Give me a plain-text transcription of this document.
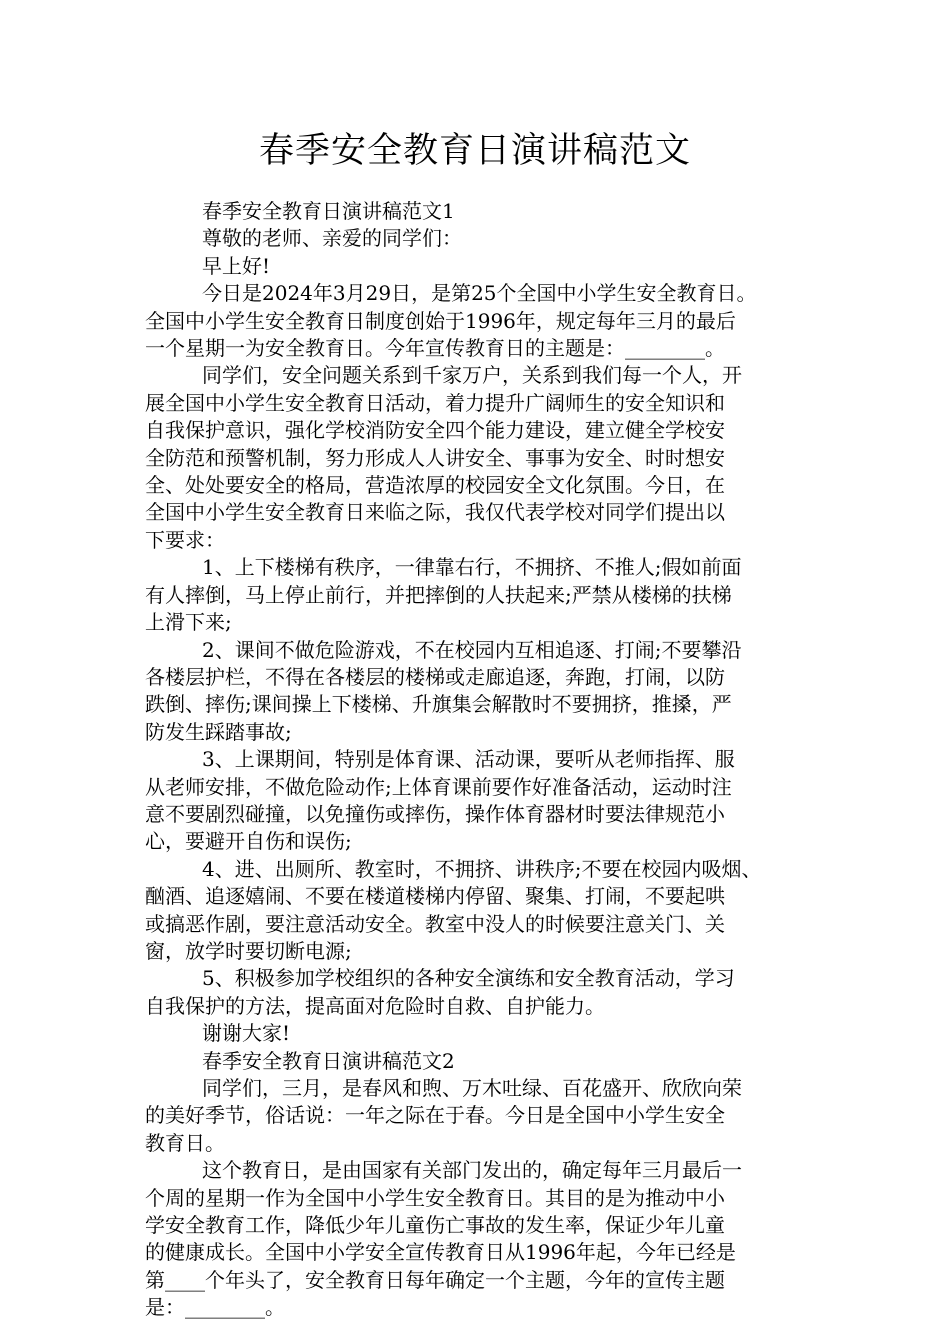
春季安全教育日演讲稿范文

春季安全教育日演讲稿范文1

尊敬的老师、亲爱的同学们：

早上好!

今日是2024年3月29日，是第25个全国中小学生安全教育日。

全国中小学生安全教育日制度创始于1996年，规定每年三月的最后

一个星期一为安全教育日。今年宣传教育日的主题是：________。

同学们，安全问题关系到千家万户，关系到我们每一个人，开

展全国中小学生安全教育日活动，着力提升广阔师生的安全知识和

自我保护意识，强化学校消防安全四个能力建设，建立健全学校安

全防范和预警机制，努力形成人人讲安全、事事为安全、时时想安

全、处处要安全的格局，营造浓厚的校园安全文化氛围。今日，在

全国中小学生安全教育日来临之际，我仅代表学校对同学们提出以

下要求：

1、上下楼梯有秩序，一律靠右行，不拥挤、不推人;假如前面

有人摔倒，马上停止前行，并把摔倒的人扶起来;严禁从楼梯的扶梯

上滑下来;

2、课间不做危险游戏，不在校园内互相追逐、打闹;不要攀沿

各楼层护栏，不得在各楼层的楼梯或走廊追逐，奔跑，打闹，以防

跌倒、摔伤;课间操上下楼梯、升旗集会解散时不要拥挤，推搡，严

防发生踩踏事故;

3、上课期间，特别是体育课、活动课，要听从老师指挥、服

从老师安排，不做危险动作;上体育课前要作好准备活动，运动时注

意不要剧烈碰撞，以免撞伤或摔伤，操作体育器材时要法律规范小

心，要避开自伤和误伤;

4、进、出厕所、教室时，不拥挤、讲秩序;不要在校园内吸烟、

酗酒、追逐嬉闹、不要在楼道楼梯内停留、聚集、打闹，不要起哄

或搞恶作剧，要注意活动安全。教室中没人的时候要注意关门、关

窗，放学时要切断电源;

5、积极参加学校组织的各种安全演练和安全教育活动，学习

自我保护的方法，提高面对危险时自救、自护能力。

谢谢大家!

春季安全教育日演讲稿范文2

同学们，三月，是春风和煦、万木吐绿、百花盛开、欣欣向荣

的美好季节，俗话说：一年之际在于春。今日是全国中小学生安全

教育日。

这个教育日，是由国家有关部门发出的，确定每年三月最后一

个周的星期一作为全国中小学生安全教育日。其目的是为推动中小

学安全教育工作，降低少年儿童伤亡事故的发生率，保证少年儿童

的健康成长。全国中小学安全宣传教育日从1996年起，今年已经是

第____个年头了，安全教育日每年确定一个主题，今年的宣传主题

是：________。
